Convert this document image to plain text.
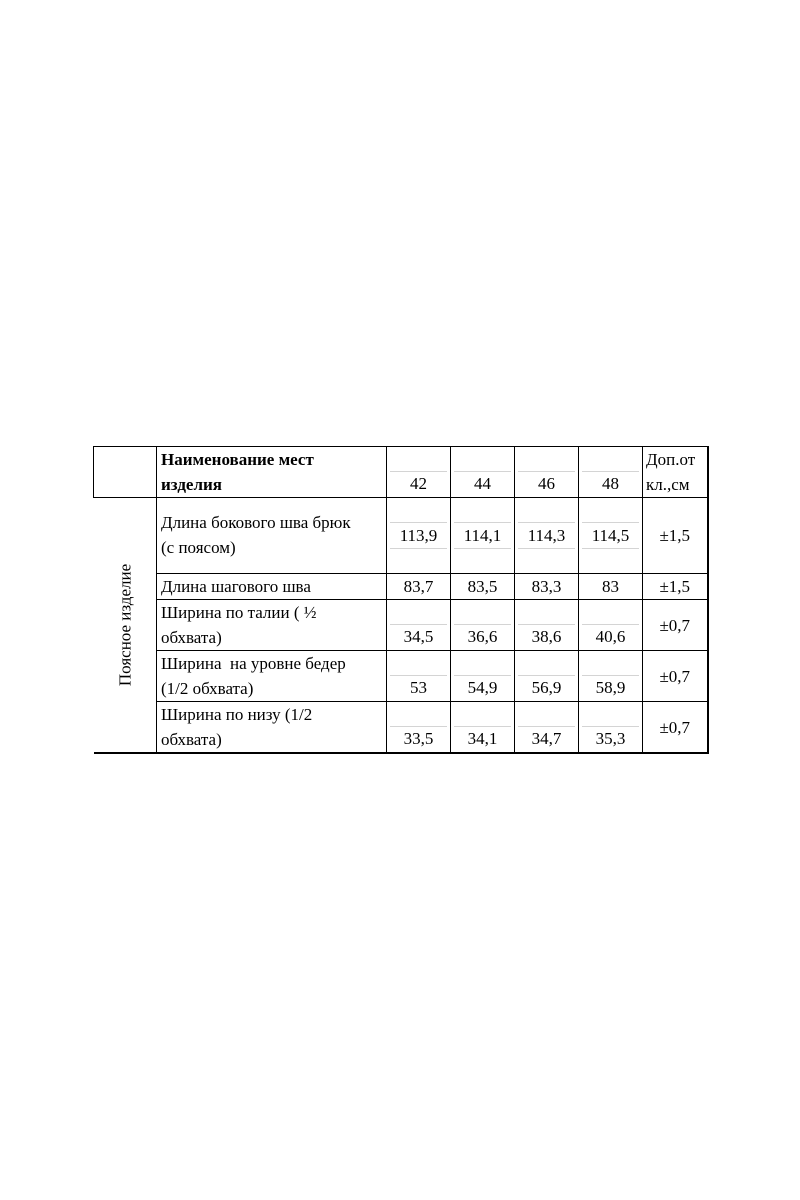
	Наименование мест
изделия	42	44	46	48	Доп.от
кл.,см

Поясное изделие	Длина бокового шва брюк
(с поясом)	113,9	114,1	114,3	114,5	±1,5

	Длина шагового шва	83,7	83,5	83,3	83	±1,5

	Ширина по талии ( ½
обхвата)	34,5	36,6	38,6	40,6	±0,7

	Ширина  на уровне бедер
(1/2 обхвата)	53	54,9	56,9	58,9	±0,7

	Ширина по низу (1/2
обхвата)	33,5	34,1	34,7	35,3	±0,7
